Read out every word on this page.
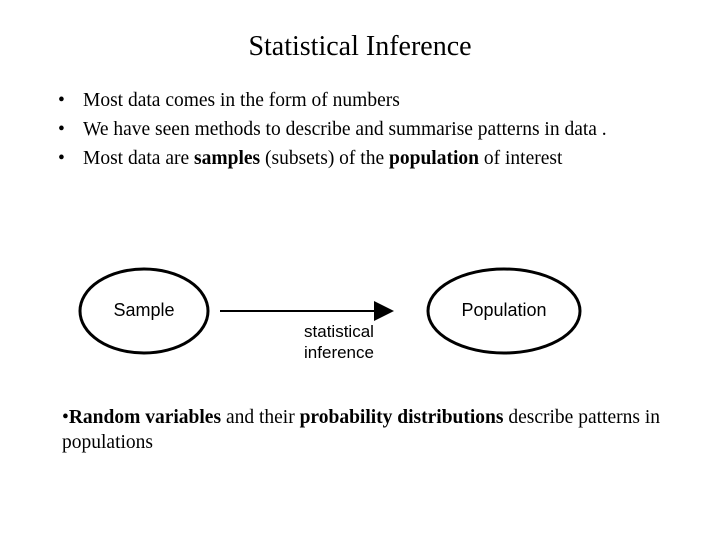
Statistical Inference
• Most data comes in the form of numbers
• We have seen methods to describe and summarise patterns in data .
• Most data are samples (subsets) of the population of interest
Sample	Population
statistical
inference
•Random variables and their probability distributions describe patterns in populations
